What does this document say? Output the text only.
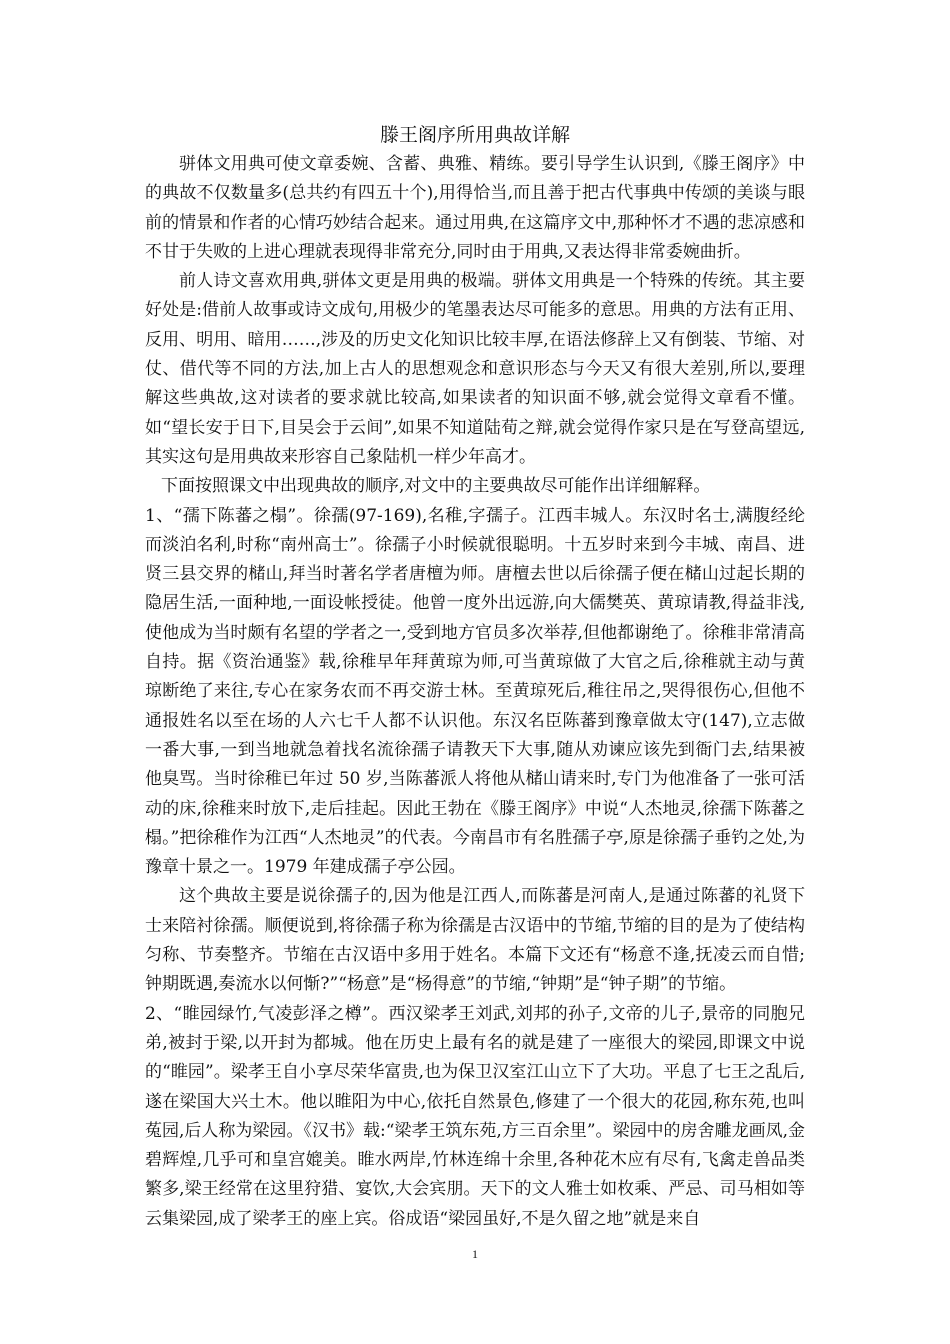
滕王阁序所用典故详解

骈体文用典可使文章委婉、含蓄、典雅、精练。要引导学生认识到,《滕王阁序》中的典故不仅数量多(总共约有四五十个),用得恰当,而且善于把古代事典中传颂的美谈与眼前的情景和作者的心情巧妙结合起来。通过用典,在这篇序文中,那种怀才不遇的悲凉感和不甘于失败的上进心理就表现得非常充分,同时由于用典,又表达得非常委婉曲折。

前人诗文喜欢用典,骈体文更是用典的极端。骈体文用典是一个特殊的传统。其主要好处是:借前人故事或诗文成句,用极少的笔墨表达尽可能多的意思。用典的方法有正用、反用、明用、暗用……,涉及的历史文化知识比较丰厚,在语法修辞上又有倒装、节缩、对仗、借代等不同的方法,加上古人的思想观念和意识形态与今天又有很大差别,所以,要理解这些典故,这对读者的要求就比较高,如果读者的知识面不够,就会觉得文章看不懂。如“望长安于日下,目吴会于云间”,如果不知道陆荀之辩,就会觉得作家只是在写登高望远,其实这句是用典故来形容自己象陆机一样少年高才。

下面按照课文中出现典故的顺序,对文中的主要典故尽可能作出详细解释。

1、“孺下陈蕃之榻”。徐孺(97-169),名稚,字孺子。江西丰城人。东汉时名士,满腹经纶而淡泊名利,时称“南州高士”。徐孺子小时候就很聪明。十五岁时来到今丰城、南昌、进贤三县交界的槠山,拜当时著名学者唐檀为师。唐檀去世以后徐孺子便在槠山过起长期的隐居生活,一面种地,一面设帐授徒。他曾一度外出远游,向大儒樊英、黄琼请教,得益非浅,使他成为当时颇有名望的学者之一,受到地方官员多次举荐,但他都谢绝了。徐稚非常清高自持。据《资治通鉴》载,徐稚早年拜黄琼为师,可当黄琼做了大官之后,徐稚就主动与黄琼断绝了来往,专心在家务农而不再交游士林。至黄琼死后,稚往吊之,哭得很伤心,但他不通报姓名以至在场的人六七千人都不认识他。东汉名臣陈蕃到豫章做太守(147),立志做一番大事,一到当地就急着找名流徐孺子请教天下大事,随从劝谏应该先到衙门去,结果被他臭骂。当时徐稚已年过 50 岁,当陈蕃派人将他从槠山请来时,专门为他准备了一张可活动的床,徐稚来时放下,走后挂起。因此王勃在《滕王阁序》中说“人杰地灵,徐孺下陈蕃之榻。”把徐稚作为江西“人杰地灵”的代表。今南昌市有名胜孺子亭,原是徐孺子垂钓之处,为豫章十景之一。1979 年建成孺子亭公园。

这个典故主要是说徐孺子的,因为他是江西人,而陈蕃是河南人,是通过陈蕃的礼贤下士来陪衬徐孺。顺便说到,将徐孺子称为徐孺是古汉语中的节缩,节缩的目的是为了使结构匀称、节奏整齐。节缩在古汉语中多用于姓名。本篇下文还有“杨意不逢,抚凌云而自惜;钟期既遇,奏流水以何惭?”“杨意”是“杨得意”的节缩,“钟期”是“钟子期”的节缩。

2、“睢园绿竹,气凌彭泽之樽”。西汉梁孝王刘武,刘邦的孙子,文帝的儿子,景帝的同胞兄弟,被封于梁,以开封为都城。他在历史上最有名的就是建了一座很大的梁园,即课文中说的“睢园”。梁孝王自小享尽荣华富贵,也为保卫汉室江山立下了大功。平息了七王之乱后,遂在梁国大兴土木。他以睢阳为中心,依托自然景色,修建了一个很大的花园,称东苑,也叫菟园,后人称为梁园。《汉书》载:“梁孝王筑东苑,方三百余里”。梁园中的房舍雕龙画凤,金碧辉煌,几乎可和皇宫媲美。睢水两岸,竹林连绵十余里,各种花木应有尽有,飞禽走兽品类繁多,梁王经常在这里狩猎、宴饮,大会宾朋。天下的文人雅士如枚乘、严忌、司马相如等云集梁园,成了梁孝王的座上宾。俗成语“梁园虽好,不是久留之地”就是来自

1
